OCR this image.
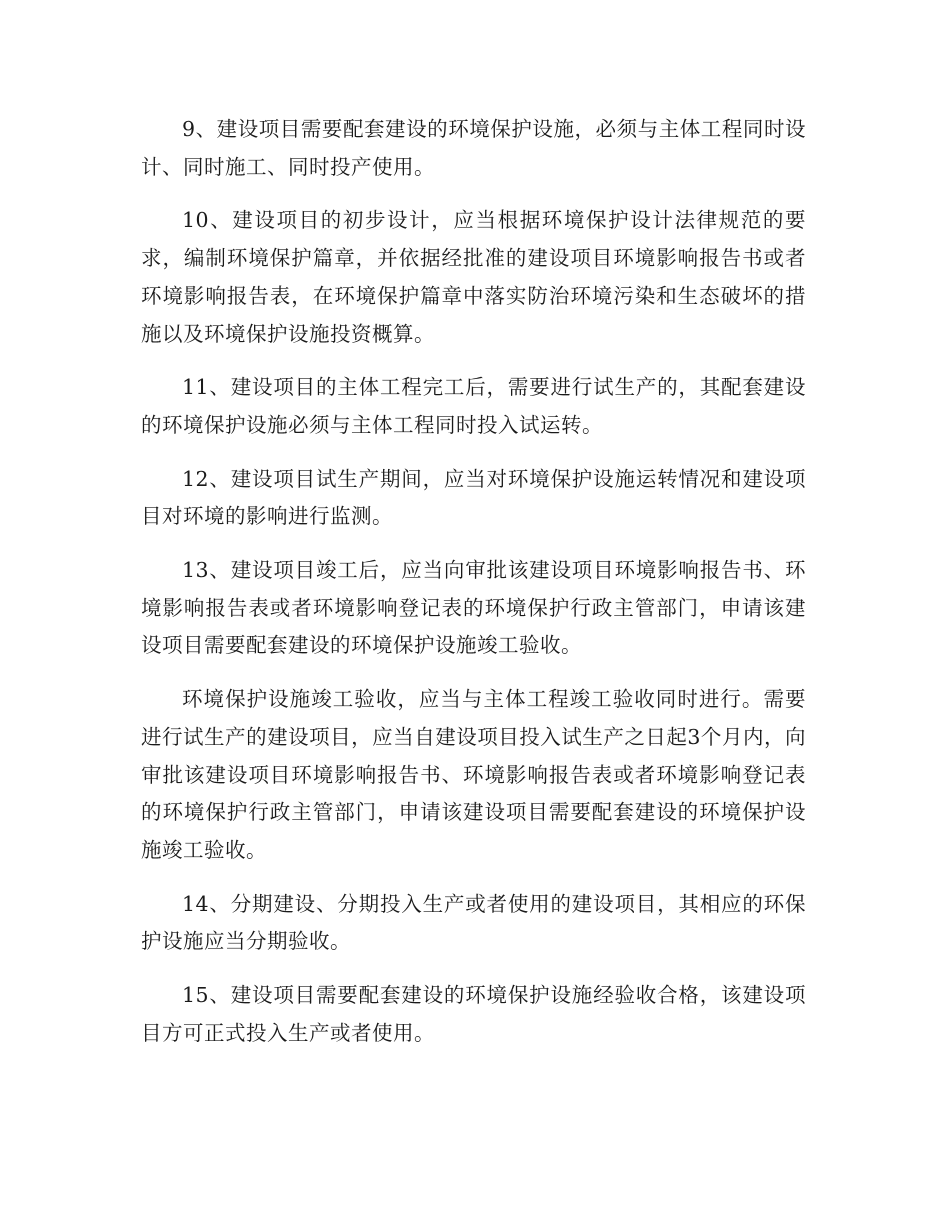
9、建设项目需要配套建设的环境保护设施，必须与主体工程同时设计、同时施工、同时投产使用。

10、建设项目的初步设计，应当根据环境保护设计法律规范的要求，编制环境保护篇章，并依据经批准的建设项目环境影响报告书或者环境影响报告表，在环境保护篇章中落实防治环境污染和生态破坏的措施以及环境保护设施投资概算。

11、建设项目的主体工程完工后，需要进行试生产的，其配套建设的环境保护设施必须与主体工程同时投入试运转。

12、建设项目试生产期间，应当对环境保护设施运转情况和建设项目对环境的影响进行监测。

13、建设项目竣工后，应当向审批该建设项目环境影响报告书、环境影响报告表或者环境影响登记表的环境保护行政主管部门，申请该建设项目需要配套建设的环境保护设施竣工验收。

环境保护设施竣工验收，应当与主体工程竣工验收同时进行。需要进行试生产的建设项目，应当自建设项目投入试生产之日起3个月内，向审批该建设项目环境影响报告书、环境影响报告表或者环境影响登记表的环境保护行政主管部门，申请该建设项目需要配套建设的环境保护设施竣工验收。

14、分期建设、分期投入生产或者使用的建设项目，其相应的环保护设施应当分期验收。

15、建设项目需要配套建设的环境保护设施经验收合格，该建设项目方可正式投入生产或者使用。
